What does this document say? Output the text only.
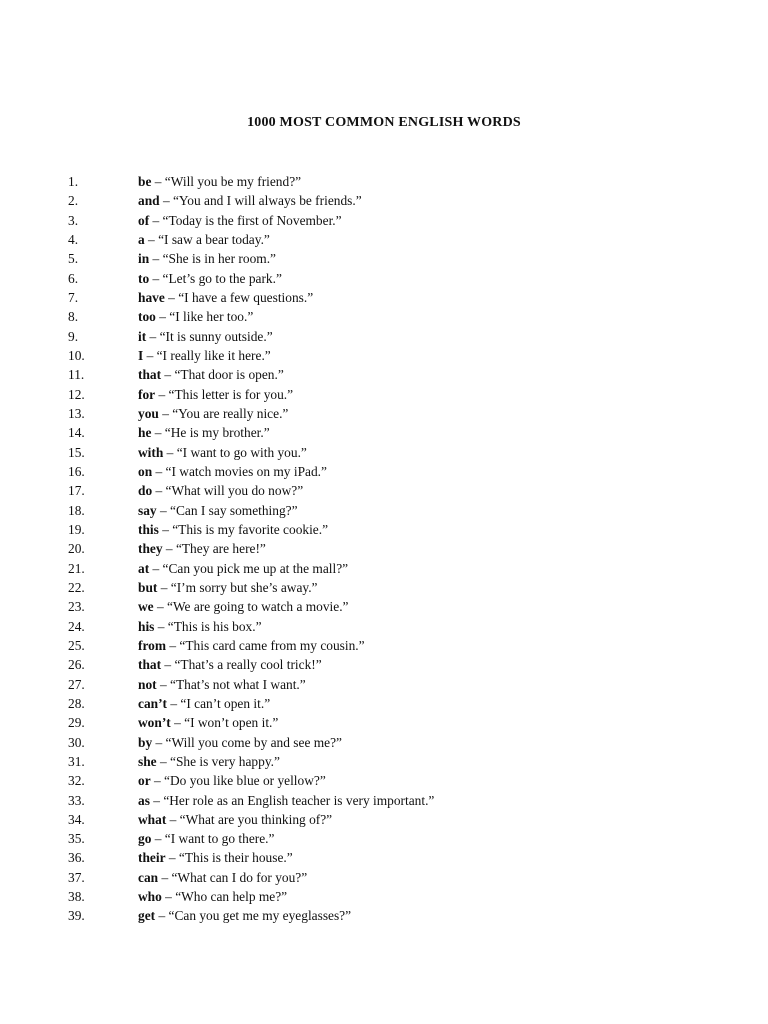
1000 MOST COMMON ENGLISH WORDS
1.	be – “Will you be my friend?”
2.	and – “You and I will always be friends.”
3.	of – “Today is the first of November.”
4.	a – “I saw a bear today.”
5.	in – “She is in her room.”
6.	to – “Let’s go to the park.”
7.	have – “I have a few questions.”
8.	too – “I like her too.”
9.	it – “It is sunny outside.”
10.	I – “I really like it here.”
11.	that – “That door is open.”
12.	for – “This letter is for you.”
13.	you – “You are really nice.”
14.	he – “He is my brother.”
15.	with – “I want to go with you.”
16.	on – “I watch movies on my iPad.”
17.	do – “What will you do now?”
18.	say – “Can I say something?”
19.	this – “This is my favorite cookie.”
20.	they – “They are here!”
21.	at – “Can you pick me up at the mall?”
22.	but – “I’m sorry but she’s away.”
23.	we – “We are going to watch a movie.”
24.	his – “This is his box.”
25.	from – “This card came from my cousin.”
26.	that – “That’s a really cool trick!”
27.	not – “That’s not what I want.”
28.	can’t – “I can’t open it.”
29.	won’t – “I won’t open it.”
30.	by – “Will you come by and see me?”
31.	she – “She is very happy.”
32.	or – “Do you like blue or yellow?”
33.	as – “Her role as an English teacher is very important.”
34.	what – “What are you thinking of?”
35.	go – “I want to go there.”
36.	their – “This is their house.”
37.	can – “What can I do for you?”
38.	who – “Who can help me?”
39.	get – “Can you get me my eyeglasses?”
